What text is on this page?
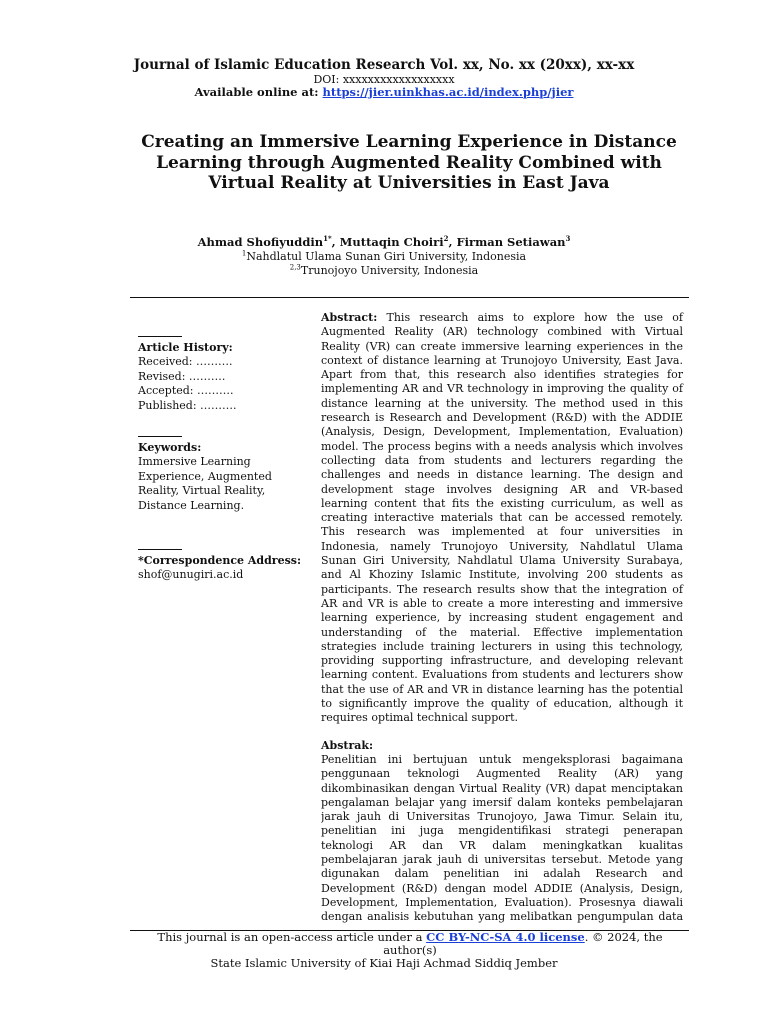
Journal of Islamic Education Research Vol. xx, No. xx (20xx), xx-xx
DOI: xxxxxxxxxxxxxxxxxx
Available online at: https://jier.uinkhas.ac.id/index.php/jier
Creating an Immersive Learning Experience in Distance Learning through Augmented Reality Combined with Virtual Reality at Universities in East Java
Ahmad Shofiyuddin$^{1*}$, Muttaqin Choiri$^2$, Firman Setiawan$^3$
$^1$Nahdlatul Ulama Sunan Giri University, Indonesia
$^{2,3}$Trunojoyo University, Indonesia
Article History:
Received: ……….
Revised: ……….
Accepted: ……….
Published: ……….
Keywords:
Immersive Learning Experience, Augmented Reality, Virtual Reality, Distance Learning.
*Correspondence Address:
shof@unugiri.ac.id
Abstract: This research aims to explore how the use of Augmented Reality (AR) technology combined with Virtual Reality (VR) can create immersive learning experiences in the context of distance learning at Trunojoyo University, East Java. Apart from that, this research also identifies strategies for implementing AR and VR technology in improving the quality of distance learning at the university. The method used in this research is Research and Development (R&D) with the ADDIE (Analysis, Design, Development, Implementation, Evaluation) model. The process begins with a needs analysis which involves collecting data from students and lecturers regarding the challenges and needs in distance learning. The design and development stage involves designing AR and VR-based learning content that fits the existing curriculum, as well as creating interactive materials that can be accessed remotely. This research was implemented at four universities in Indonesia, namely Trunojoyo University, Nahdlatul Ulama Sunan Giri University, Nahdlatul Ulama University Surabaya, and Al Khoziny Islamic Institute, involving 200 students as participants. The research results show that the integration of AR and VR is able to create a more interesting and immersive learning experience, by increasing student engagement and understanding of the material. Effective implementation strategies include training lecturers in using this technology, providing supporting infrastructure, and developing relevant learning content. Evaluations from students and lecturers show that the use of AR and VR in distance learning has the potential to significantly improve the quality of education, although it requires optimal technical support.
Abstrak:
Penelitian ini bertujuan untuk mengeksplorasi bagaimana penggunaan teknologi Augmented Reality (AR) yang dikombinasikan dengan Virtual Reality (VR) dapat menciptakan pengalaman belajar yang imersif dalam konteks pembelajaran jarak jauh di Universitas Trunojoyo, Jawa Timur. Selain itu, penelitian ini juga mengidentifikasi strategi penerapan teknologi AR dan VR dalam meningkatkan kualitas pembelajaran jarak jauh di universitas tersebut. Metode yang digunakan dalam penelitian ini adalah Research and Development (R&D) dengan model ADDIE (Analysis, Design, Development, Implementation, Evaluation). Prosesnya diawali dengan analisis kebutuhan yang melibatkan pengumpulan data
This journal is an open-access article under a CC BY-NC-SA 4.0 license. © 2024, the author(s)
State Islamic University of Kiai Haji Achmad Siddiq Jember
